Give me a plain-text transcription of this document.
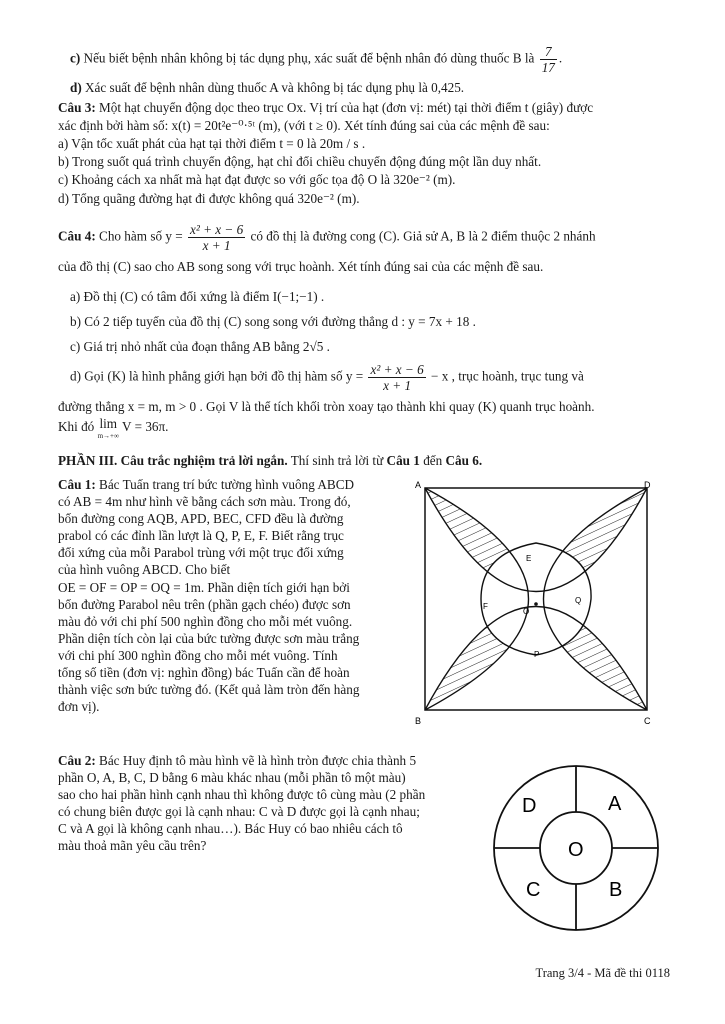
c) Nếu biết bệnh nhân không bị tác dụng phụ, xác suất để bệnh nhân đó dùng thuốc B là $\frac{7}{17}$ .
d) Xác suất để bệnh nhân dùng thuốc A và không bị tác dụng phụ là 0,425.
Câu 3: Một hạt chuyển động dọc theo trục Ox. Vị trí của hạt (đơn vị: mét) tại thời điểm t (giây) được
xác định bởi hàm số: x(t) = 20t²e⁻⁰·⁵ᵗ (m), (với t ≥ 0). Xét tính đúng sai của các mệnh đề sau:
a) Vận tốc xuất phát của hạt tại thời điểm t = 0 là 20m / s .
b) Trong suốt quá trình chuyển động, hạt chỉ đổi chiều chuyển động đúng một lần duy nhất.
c) Khoảng cách xa nhất mà hạt đạt được so với gốc tọa độ O là 320e⁻² (m).
d) Tổng quãng đường hạt đi được không quá 320e⁻² (m).
Câu 4: Cho hàm số $y = \frac{\text{x² + x − 6}}{x + 1}$ có đồ thị là đường cong (C). Giả sử A, B là 2 điểm thuộc 2 nhánh
của đồ thị (C) sao cho AB song song với trục hoành. Xét tính đúng sai của các mệnh đề sau.
a) Đồ thị (C) có tâm đối xứng là điểm I(−1;−1) .
b) Có 2 tiếp tuyến của đồ thị (C) song song với đường thẳng d : y = 7x + 18 .
c) Giá trị nhỏ nhất của đoạn thẳng AB bằng 2√5 .
d) Gọi (K) là hình phẳng giới hạn bởi đồ thị hàm số $y = \frac{\text{x² + x − 6}}{x + 1} - x$ , trục hoành, trục tung và
đường thẳng x = m, m > 0 . Gọi V là thể tích khối tròn xoay tạo thành khi quay (K) quanh trục hoành.
Khi đó lim
m→+∞
V = 36π.
PHẦN III. Câu trắc nghiệm trả lời ngắn. Thí sinh trả lời từ Câu 1 đến Câu 6.
Câu 1: Bác Tuấn trang trí bức tường hình vuông ABCD
có AB = 4m như hình vẽ bằng cách sơn màu. Trong đó,
bốn đường cong AQB, APD, BEC, CFD đều là đường
prabol có các đỉnh lần lượt là Q, P, E, F. Biết rằng trục
đối xứng của mỗi Parabol trùng với một trục đối xứng
của hình vuông ABCD. Cho biết
OE = OF = OP = OQ = 1m. Phần diện tích giới hạn bởi
bốn đường Parabol nêu trên (phần gạch chéo) được sơn
màu đỏ với chi phí 500 nghìn đồng cho mỗi mét vuông.
Phần diện tích còn lại của bức tường được sơn màu trắng
với chi phí 300 nghìn đồng cho mỗi mét vuông. Tính
tổng số tiền (đơn vị: nghìn đồng) bác Tuấn cần để hoàn
thành việc sơn bức tường đó. (Kết quả làm tròn đến hàng
đơn vị).
A
B	C
D
E
F
P
Q
O
Câu 2: Bác Huy định tô màu hình vẽ là hình tròn được chia thành 5
phần O, A, B, C, D bằng 6 màu khác nhau (mỗi phần tô một màu)
sao cho hai phần hình cạnh nhau thì không được tô cùng màu (2 phần
có chung biên được gọi là cạnh nhau: C và D được gọi là cạnh nhau;
C và A gọi là không cạnh nhau…). Bác Huy có bao nhiêu cách tô
màu thoả mãn yêu cầu trên?
D	A
O
C	B
Trang 3/4 - Mã đề thi 0118
